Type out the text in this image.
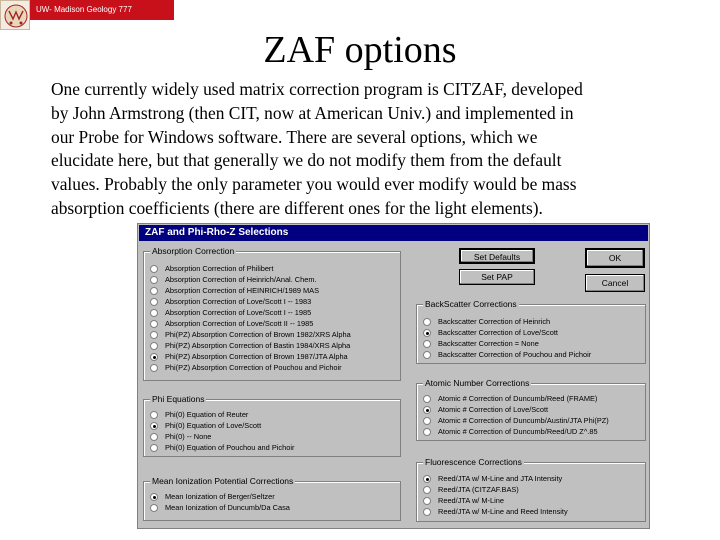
UW- Madison Geology 777
ZAF options
One currently widely used matrix correction program is CITZAF, developed
by John Armstrong (then CIT, now at American Univ.) and implemented in
our Probe for Windows software. There are several options, which we
elucidate here, but that generally we do not modify them from the default
values. Probably the only parameter you would ever modify would be mass
absorption coefficients (there are different ones for the light elements).
ZAF and Phi-Rho-Z Selections
Absorption Correction
Absorption Correction of Philibert
Absorption Correction of Heinrich/Anal. Chem.
Absorption Correction of HEINRICH/1989 MAS
Absorption Correction of Love/Scott I -- 1983
Absorption Correction of Love/Scott I -- 1985
Absorption Correction of Love/Scott II -- 1985
Phi(PZ) Absorption Correction of Brown 1982/XRS Alpha
Phi(PZ) Absorption Correction of Bastin 1984/XRS Alpha
Phi(PZ) Absorption Correction of Brown 1987/JTA Alpha
Phi(PZ) Absorption Correction of Pouchou and Pichoir
Phi Equations
Phi(0) Equation of Reuter
Phi(0) Equation of Love/Scott
Phi(0) -- None
Phi(0) Equation of Pouchou and Pichoir
Mean Ionization Potential Corrections
Mean Ionization of Berger/Seltzer
Mean Ionization of Duncumb/Da Casa
Set Defaults
Set PAP
OK
Cancel
BackScatter Corrections
Backscatter Correction of Heinrich
Backscatter Correction of Love/Scott
Backscatter Correction = None
Backscatter Correction of Pouchou and Pichoir
Atomic Number Corrections
Atomic # Correction of Duncumb/Reed (FRAME)
Atomic # Correction of Love/Scott
Atomic # Correction of Duncumb/Austin/JTA Phi(PZ)
Atomic # Correction of Duncumb/Reed/UD Z^.85
Fluorescence Corrections
Reed/JTA w/ M-Line and JTA Intensity
Reed/JTA (CITZAF.BAS)
Reed/JTA w/ M-Line
Reed/JTA w/ M-Line and Reed Intensity
